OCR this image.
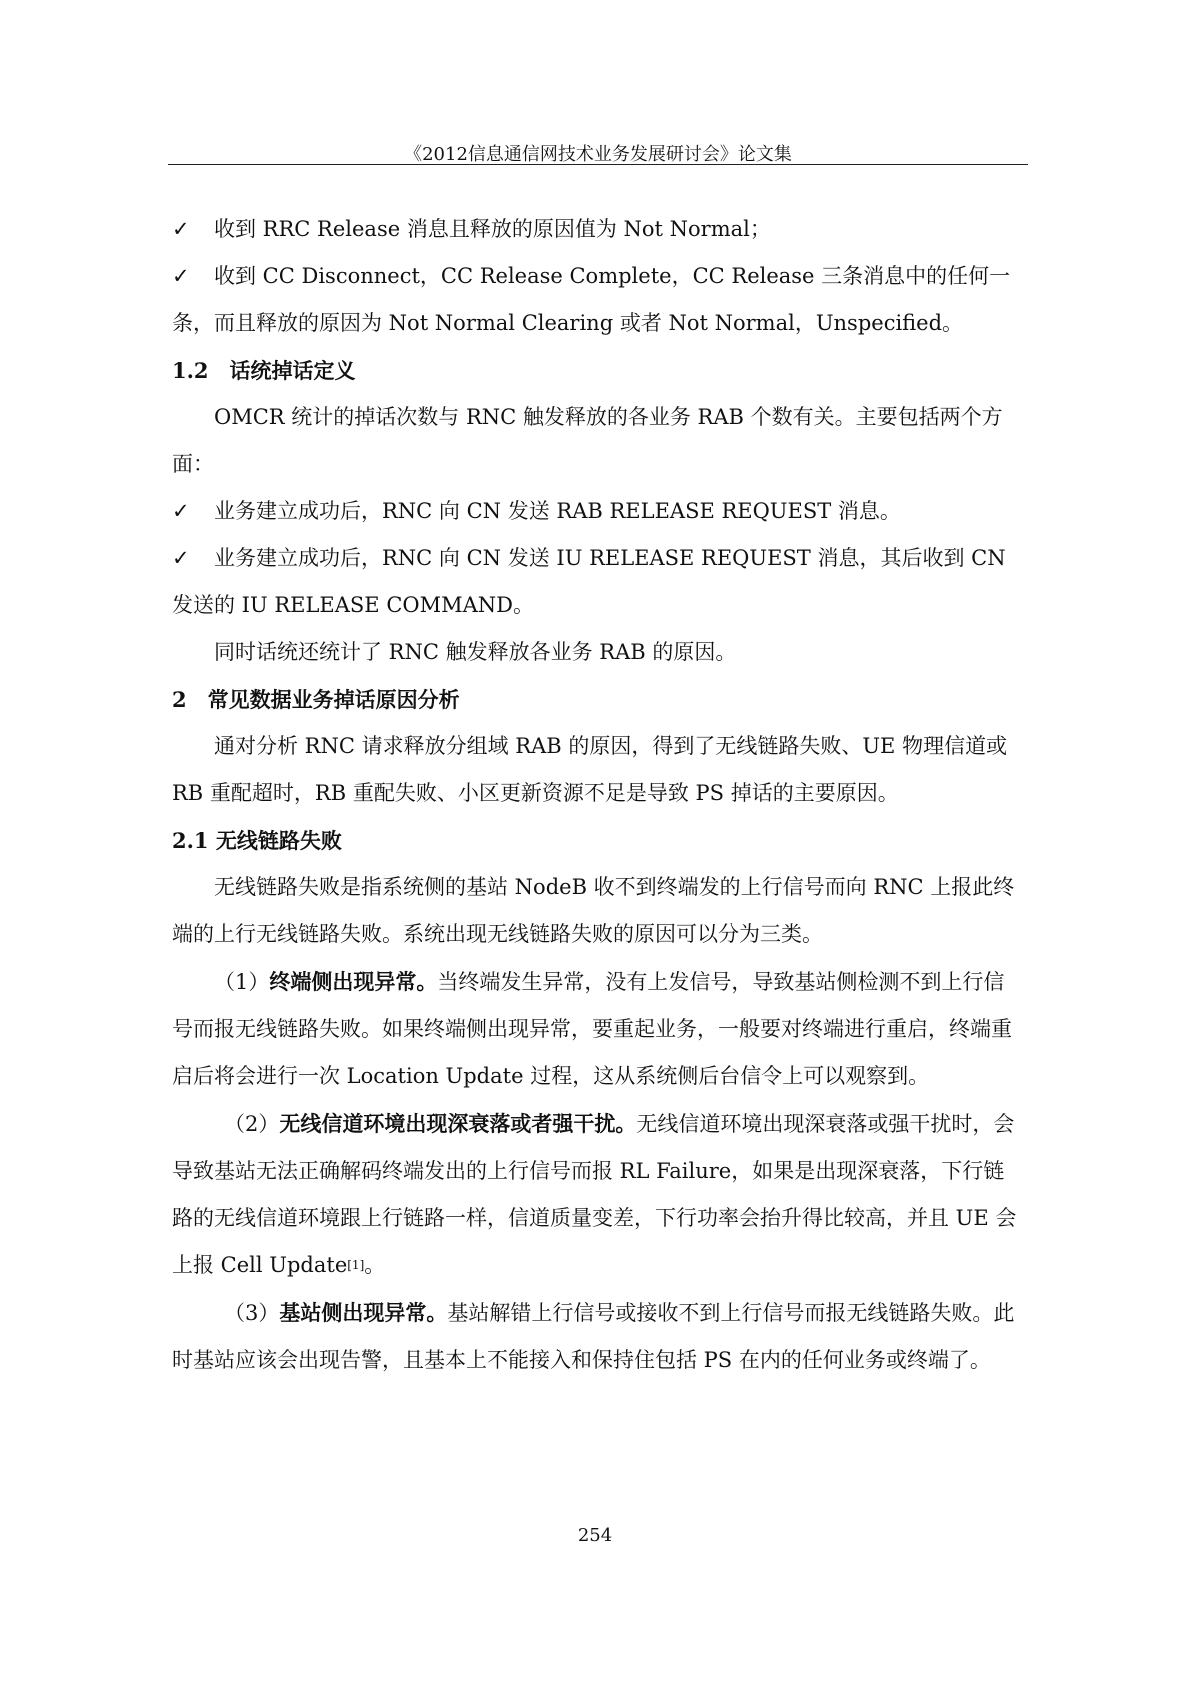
《2012信息通信网技术业务发展研讨会》论文集

✓ 收到 RRC Release 消息且释放的原因值为 Not Normal；

✓ 收到 CC Disconnect，CC Release Complete，CC Release 三条消息中的任何一条，而且释放的原因为 Not Normal Clearing 或者 Not Normal，Unspecified。

1.2　话统掉话定义

OMCR 统计的掉话次数与 RNC 触发释放的各业务 RAB 个数有关。主要包括两个方面：

✓ 业务建立成功后，RNC 向 CN 发送 RAB RELEASE REQUEST 消息。

✓ 业务建立成功后，RNC 向 CN 发送 IU RELEASE REQUEST 消息，其后收到 CN 发送的 IU RELEASE COMMAND。

同时话统还统计了 RNC 触发释放各业务 RAB 的原因。

2　常见数据业务掉话原因分析

通对分析 RNC 请求释放分组域 RAB 的原因，得到了无线链路失败、UE 物理信道或 RB 重配超时，RB 重配失败、小区更新资源不足是导致 PS 掉话的主要原因。

2.1 无线链路失败

无线链路失败是指系统侧的基站 NodeB 收不到终端发的上行信号而向 RNC 上报此终端的上行无线链路失败。系统出现无线链路失败的原因可以分为三类。

（1）终端侧出现异常。当终端发生异常，没有上发信号，导致基站侧检测不到上行信号而报无线链路失败。如果终端侧出现异常，要重起业务，一般要对终端进行重启，终端重启后将会进行一次 Location Update 过程，这从系统侧后台信令上可以观察到。

（2）无线信道环境出现深衰落或者强干扰。无线信道环境出现深衰落或强干扰时，会导致基站无法正确解码终端发出的上行信号而报 RL Failure，如果是出现深衰落，下行链路的无线信道环境跟上行链路一样，信道质量变差，下行功率会抬升得比较高，并且 UE 会上报 Cell Update[1]。

（3）基站侧出现异常。基站解错上行信号或接收不到上行信号而报无线链路失败。此时基站应该会出现告警，且基本上不能接入和保持住包括 PS 在内的任何业务或终端了。

254
